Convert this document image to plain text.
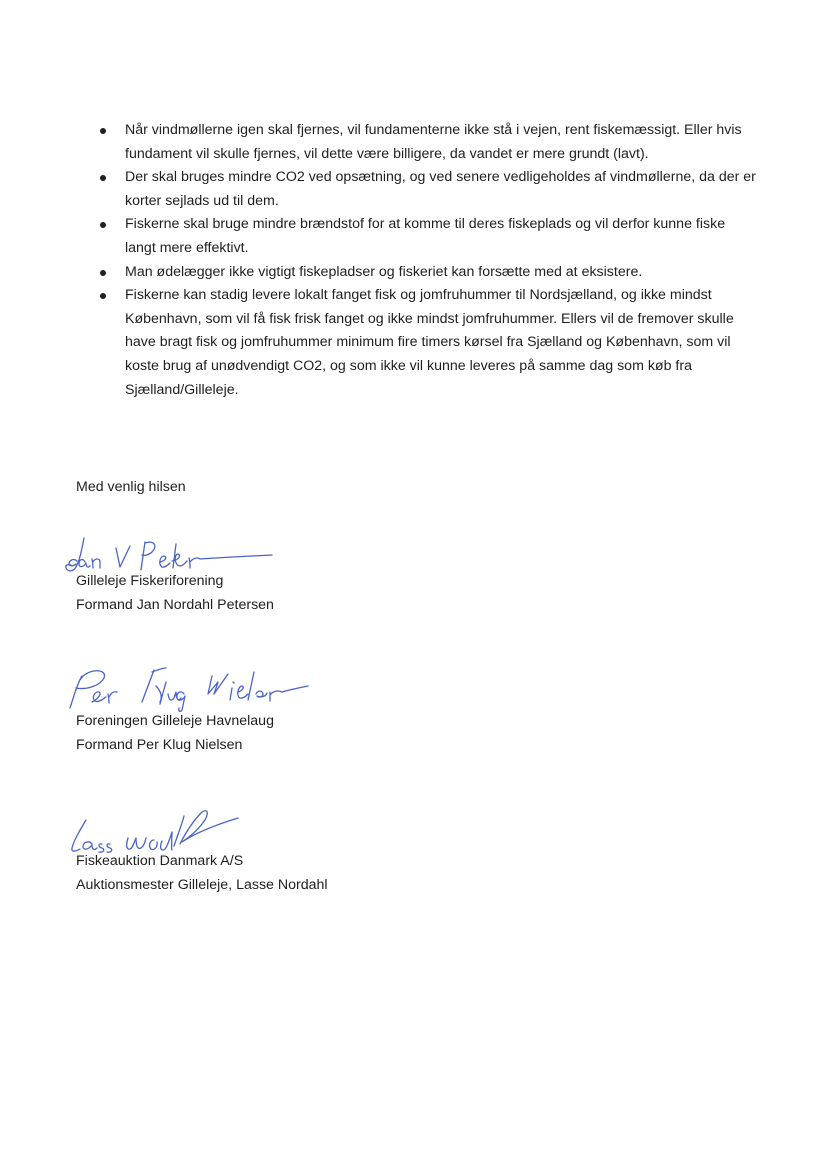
Når vindmøllerne igen skal fjernes, vil fundamenterne ikke stå i vejen, rent fiskemæssigt. Eller hvis fundament vil skulle fjernes, vil dette være billigere, da vandet er mere grundt (lavt).
Der skal bruges mindre CO2 ved opsætning, og ved senere vedligeholdes af vindmøllerne, da der er korter sejlads ud til dem.
Fiskerne skal bruge mindre brændstof for at komme til deres fiskeplads og vil derfor kunne fiske langt mere effektivt.
Man ødelægger ikke vigtigt fiskepladser og fiskeriet kan forsætte med at eksistere.
Fiskerne kan stadig levere lokalt fanget fisk og jomfruhummer til Nordsjælland, og ikke mindst København, som vil få fisk frisk fanget og ikke mindst jomfruhummer. Ellers vil de fremover skulle have bragt fisk og jomfruhummer minimum fire timers kørsel fra Sjælland og København, som vil koste brug af unødvendigt CO2, og som ikke vil kunne leveres på samme dag som køb fra Sjælland/Gilleleje.
Med venlig hilsen
Gilleleje Fiskeriforening
Formand Jan Nordahl Petersen
Foreningen Gilleleje Havnelaug
Formand Per Klug Nielsen
Fiskeauktion Danmark A/S
Auktionsmester Gilleleje, Lasse Nordahl
